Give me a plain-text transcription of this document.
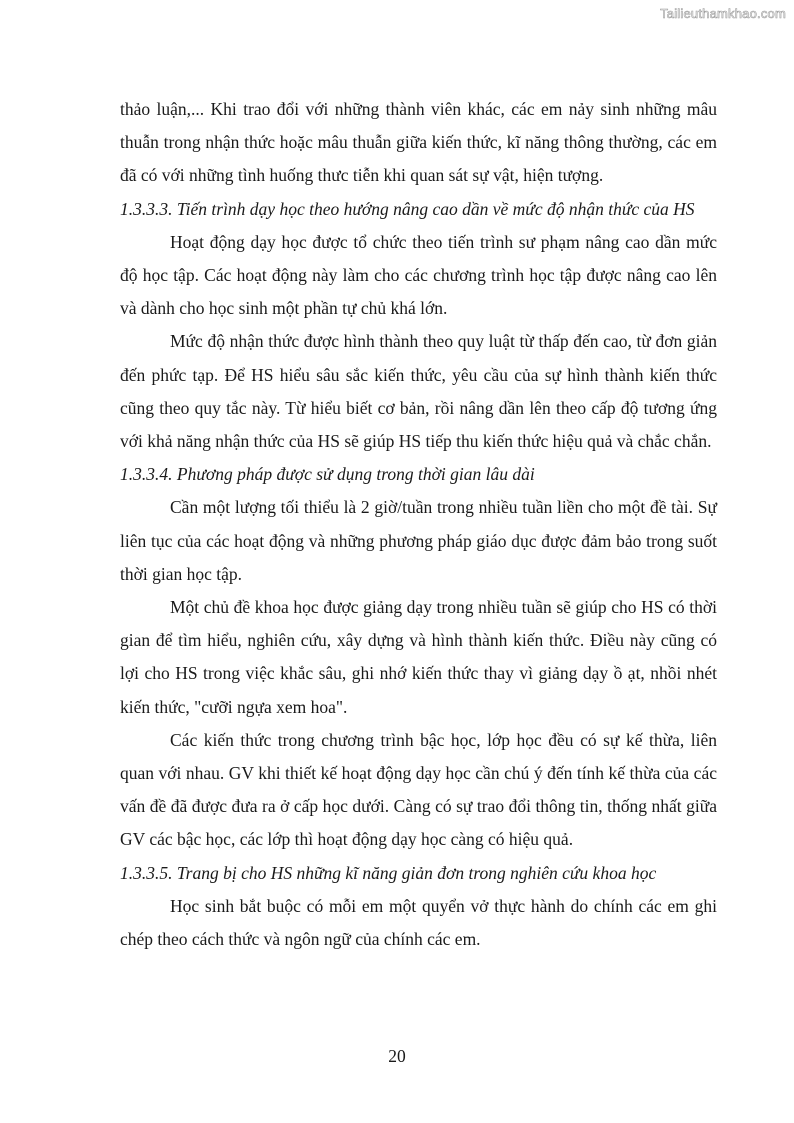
Tailieuthamkhao.com

thảo luận,... Khi trao đổi với những thành viên khác, các em nảy sinh những mâu thuẫn trong nhận thức hoặc mâu thuẫn giữa kiến thức, kĩ năng thông thường, các em đã có với những tình huống thưc tiễn khi quan sát sự vật, hiện tượng.

1.3.3.3. Tiến trình dạy học theo hướng nâng cao dần về mức độ nhận thức của HS

Hoạt động dạy học được tổ chức theo tiến trình sư phạm nâng cao dần mức độ học tập. Các hoạt động này làm cho các chương trình học tập được nâng cao lên và dành cho học sinh một phần tự chủ khá lớn.

Mức độ nhận thức được hình thành theo quy luật từ thấp đến cao, từ đơn giản đến phức tạp. Để HS hiểu sâu sắc kiến thức, yêu cầu của sự hình thành kiến thức cũng theo quy tắc này. Từ hiểu biết cơ bản, rồi nâng dần lên theo cấp độ tương ứng với khả năng nhận thức của HS sẽ giúp HS tiếp thu kiến thức hiệu quả và chắc chắn.

1.3.3.4. Phương pháp được sử dụng trong thời gian lâu dài

Cần một lượng tối thiểu là 2 giờ/tuần trong nhiều tuần liền cho một đề tài. Sự liên tục của các hoạt động và những phương pháp giáo dục được đảm bảo trong suốt thời gian học tập.

Một chủ đề khoa học được giảng dạy trong nhiều tuần sẽ giúp cho HS có thời gian để tìm hiểu, nghiên cứu, xây dựng và hình thành kiến thức. Điều này cũng có lợi cho HS trong việc khắc sâu, ghi nhớ kiến thức thay vì giảng dạy ồ ạt, nhồi nhét kiến thức, "cưỡi ngựa xem hoa".

Các kiến thức trong chương trình bậc học, lớp học đều có sự kế thừa, liên quan với nhau. GV khi thiết kế hoạt động dạy học cần chú ý đến tính kế thừa của các vấn đề đã được đưa ra ở cấp học dưới. Càng có sự trao đổi thông tin, thống nhất giữa GV các bậc học, các lớp thì hoạt động dạy học càng có hiệu quả.

1.3.3.5. Trang bị cho HS những kĩ năng giản đơn trong nghiên cứu khoa học

Học sinh bắt buộc có mỗi em một quyển vở thực hành do chính các em ghi chép theo cách thức và ngôn ngữ của chính các em.

20
